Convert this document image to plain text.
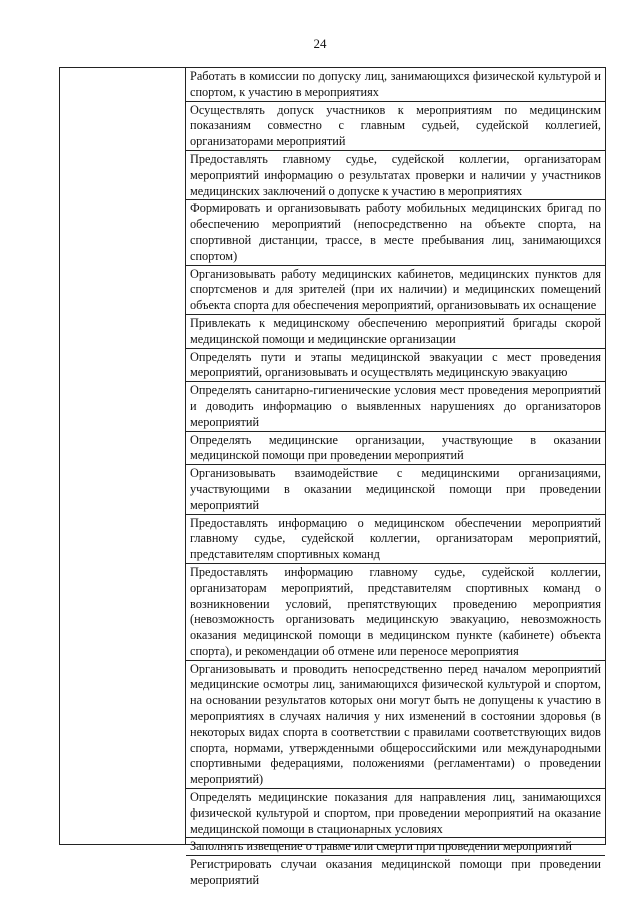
24
Работать в комиссии по допуску лиц, занимающихся физической культурой и спортом, к участию в мероприятиях
Осуществлять допуск участников к мероприятиям по медицинским показаниям совместно с главным судьей, судейской коллегией, организаторами мероприятий
Предоставлять главному судье, судейской коллегии, организаторам мероприятий информацию о результатах проверки и наличии у участников медицинских заключений о допуске к участию в мероприятиях
Формировать и организовывать работу мобильных медицинских бригад по обеспечению мероприятий (непосредственно на объекте спорта, на спортивной дистанции, трассе, в месте пребывания лиц, занимающихся спортом)
Организовывать работу медицинских кабинетов, медицинских пунктов для спортсменов и для зрителей (при их наличии) и медицинских помещений объекта спорта для обеспечения мероприятий, организовывать их оснащение
Привлекать к медицинскому обеспечению мероприятий бригады скорой медицинской помощи и медицинские организации
Определять пути и этапы медицинской эвакуации с мест проведения мероприятий, организовывать и осуществлять медицинскую эвакуацию
Определять санитарно-гигиенические условия мест проведения мероприятий и доводить информацию о выявленных нарушениях до организаторов мероприятий
Определять медицинские организации, участвующие в оказании медицинской помощи при проведении мероприятий
Организовывать взаимодействие с медицинскими организациями, участвующими в оказании медицинской помощи при проведении мероприятий
Предоставлять информацию о медицинском обеспечении мероприятий главному судье, судейской коллегии, организаторам мероприятий, представителям спортивных команд
Предоставлять информацию главному судье, судейской коллегии, организаторам мероприятий, представителям спортивных команд о возникновении условий, препятствующих проведению мероприятия (невозможность организовать медицинскую эвакуацию, невозможность оказания медицинской помощи в медицинском пункте (кабинете) объекта спорта), и рекомендации об отмене или переносе мероприятия
Организовывать и проводить непосредственно перед началом мероприятий медицинские осмотры лиц, занимающихся физической культурой и спортом, на основании результатов которых они могут быть не допущены к участию в мероприятиях в случаях наличия у них изменений в состоянии здоровья (в некоторых видах спорта в соответствии с правилами соответствующих видов спорта, нормами, утвержденными общероссийскими или международными спортивными федерациями, положениями (регламентами) о проведении мероприятий)
Определять медицинские показания для направления лиц, занимающихся физической культурой и спортом, при проведении мероприятий на оказание медицинской помощи в стационарных условиях
Заполнять извещение о травме или смерти при проведении мероприятий
Регистрировать случаи оказания медицинской помощи при проведении мероприятий
